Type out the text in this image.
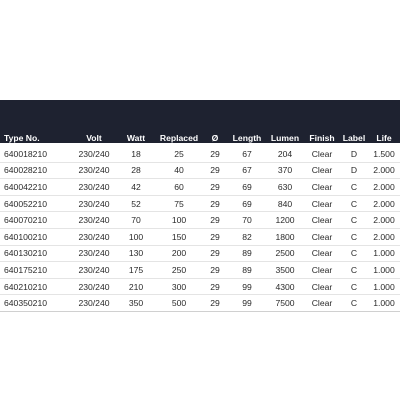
Type No.	Volt	Watt	Replaced	Ø	Length	Lumen	Finish	Label	Life
640018210	230/240	18	25	29	67	204	Clear	D	1.500
640028210	230/240	28	40	29	67	370	Clear	D	2.000
640042210	230/240	42	60	29	69	630	Clear	C	2.000
640052210	230/240	52	75	29	69	840	Clear	C	2.000
640070210	230/240	70	100	29	70	1200	Clear	C	2.000
640100210	230/240	100	150	29	82	1800	Clear	C	2.000
640130210	230/240	130	200	29	89	2500	Clear	C	1.000
640175210	230/240	175	250	29	89	3500	Clear	C	1.000
640210210	230/240	210	300	29	99	4300	Clear	C	1.000
640350210	230/240	350	500	29	99	7500	Clear	C	1.000
